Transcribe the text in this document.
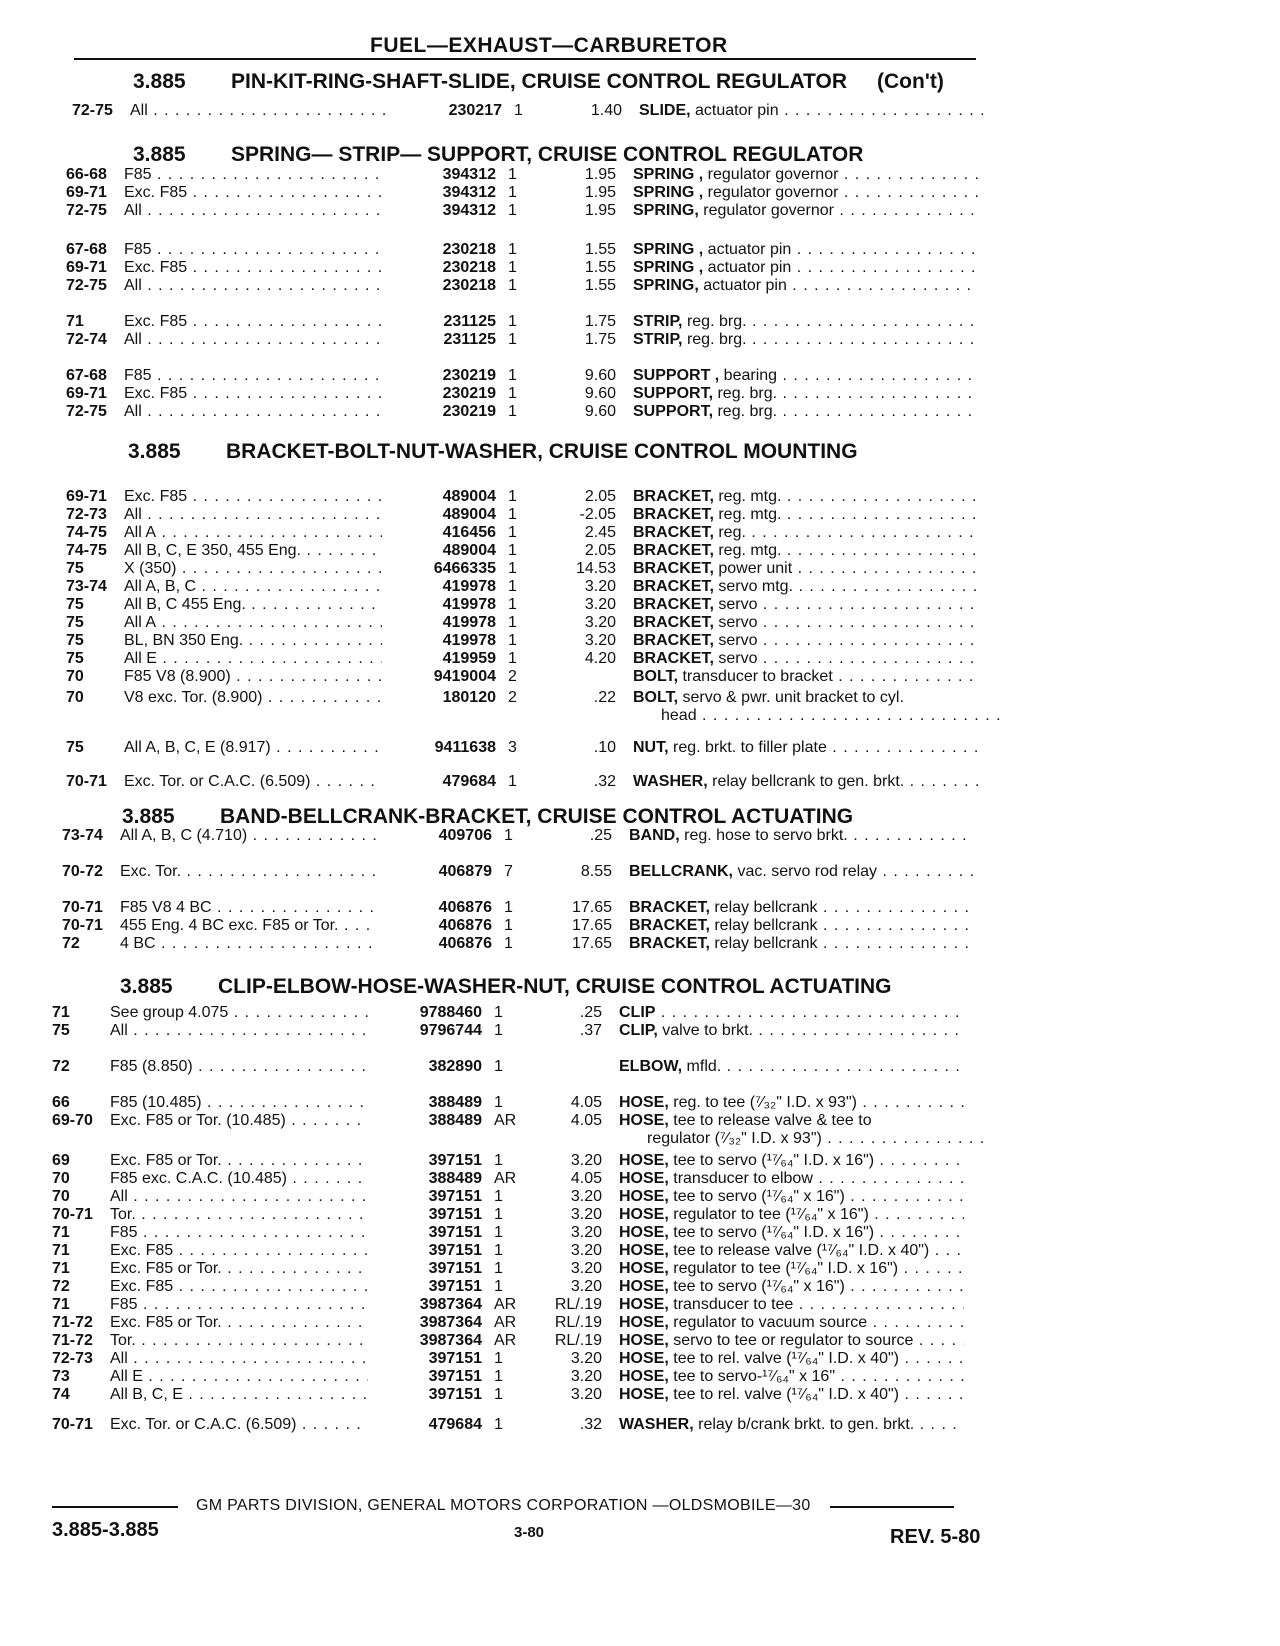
FUEL—EXHAUST—CARBURETOR
3.885 PIN-KIT-RING-SHAFT-SLIDE, CRUISE CONTROL REGULATOR (Con't)
72-75	All . . .	230217 1	1.40 SLIDE, actuator pin . . .
3.885 SPRING— STRIP— SUPPORT, CRUISE CONTROL REGULATOR
66-68	F85 . . .	394312 1	1.95 SPRING , regulator governor . . .
69-71	Exc. F85 . . .	394312 1	1.95 SPRING , regulator governor . . .
72-75	All . . .	394312 1	1.95 SPRING, regulator governor . . .
67-68	F85 . . .	230218 1	1.55 SPRING , actuator pin . . .
69-71	Exc. F85 . . .	230218 1	1.55 SPRING , actuator pin . . .
72-75	All . . .	230218 1	1.55 SPRING, actuator pin . . .
71	Exc. F85 . . .	231125 1	1.75 STRIP, reg. brg. . . .
72-74	All . . .	231125 1	1.75 STRIP, reg. brg. . . .
67-68	F85 . . .	230219 1	9.60 SUPPORT , bearing . . .
69-71	Exc. F85 . . .	230219 1	9.60 SUPPORT, reg. brg. . . .
72-75	All . . .	230219 1	9.60 SUPPORT, reg. brg. . . .
3.885 BRACKET-BOLT-NUT-WASHER, CRUISE CONTROL MOUNTING
69-71	Exc. F85 . . .	489004 1	2.05 BRACKET, reg. mtg. . . .
72-73	All . . .	489004 1	-2.05 BRACKET, reg. mtg. . . .
74-75	All A . . .	416456 1	2.45 BRACKET, reg. . . .
74-75	All B, C, E 350, 455 Eng. . . .	489004 1	2.05 BRACKET, reg. mtg. . . .
75	X (350) . . .	6466335 1	14.53 BRACKET, power unit . . .
73-74	All A, B, C . . .	419978 1	3.20 BRACKET, servo mtg. . . .
75	All B, C 455 Eng. . . .	419978 1	3.20 BRACKET, servo . . .
75	All A . . .	419978 1	3.20 BRACKET, servo . . .
75	BL, BN 350 Eng. . . .	419978 1	3.20 BRACKET, servo . . .
75	All E . . .	419959 1	4.20 BRACKET, servo . . .
70	F85 V8 (8.900) . . .	9419004 2	BOLT, transducer to bracket . . .
70	V8 exc. Tor. (8.900) . . .	180120 2	.22 BOLT, servo & pwr. unit bracket to cyl.
head . . .
75	All A, B, C, E (8.917) . . .	9411638 3	.10 NUT, reg. brkt. to filler plate . . .
70-71	Exc. Tor. or C.A.C. (6.509) . . .	479684 1	.32 WASHER, relay bellcrank to gen. brkt. . . .
3.885 BAND-BELLCRANK-BRACKET, CRUISE CONTROL ACTUATING
73-74	All A, B, C (4.710) . . .	409706 1	.25 BAND, reg. hose to servo brkt. . . .
70-72	Exc. Tor. . . .	406879 7	8.55 BELLCRANK, vac. servo rod relay . . .
70-71	F85 V8 4 BC . . .	406876 1	17.65 BRACKET, relay bellcrank . . .
70-71	455 Eng. 4 BC exc. F85 or Tor. . . .	406876 1	17.65 BRACKET, relay bellcrank . . .
72	4 BC . . .	406876 1	17.65 BRACKET, relay bellcrank . . .
3.885 CLIP-ELBOW-HOSE-WASHER-NUT, CRUISE CONTROL ACTUATING
71	See group 4.075 . . .	9788460 1	.25 CLIP . . .
75	All . . .	9796744 1	.37 CLIP, valve to brkt. . . .
72	F85 (8.850) . . .	382890 1	ELBOW, mfld. . . .
66	F85 (10.485) . . .	388489 1	4.05 HOSE, reg. to tee (⁷⁄₃₂" I.D. x 93") . . .
69-70	Exc. F85 or Tor. (10.485) . . .	388489 AR	4.05 HOSE, tee to release valve & tee to
regulator (⁷⁄₃₂" I.D. x 93") . . .
69	Exc. F85 or Tor. . . .	397151 1	3.20 HOSE, tee to servo (¹⁷⁄₆₄" I.D. x 16") . . .
70	F85 exc. C.A.C. (10.485) . . .	388489 AR	4.05 HOSE, transducer to elbow . . .
70	All . . .	397151 1	3.20 HOSE, tee to servo (¹⁷⁄₆₄" x 16") . . .
70-71	Tor. . . .	397151 1	3.20 HOSE, regulator to tee (¹⁷⁄₆₄" x 16") . . .
71	F85 . . .	397151 1	3.20 HOSE, tee to servo (¹⁷⁄₆₄" I.D. x 16") . . .
71	Exc. F85 . . .	397151 1	3.20 HOSE, tee to release valve (¹⁷⁄₆₄" I.D. x 40") . . .
71	Exc. F85 or Tor. . . .	397151 1	3.20 HOSE, regulator to tee (¹⁷⁄₆₄" I.D. x 16") . . .
72	Exc. F85 . . .	397151 1	3.20 HOSE, tee to servo (¹⁷⁄₆₄" x 16") . . .
71	F85 . . .	3987364 AR	RL/.19 HOSE, transducer to tee . . .
71-72	Exc. F85 or Tor. . . .	3987364 AR	RL/.19 HOSE, regulator to vacuum source . . .
71-72	Tor. . . .	3987364 AR	RL/.19 HOSE, servo to tee or regulator to source . . .
72-73	All . . .	397151 1	3.20 HOSE, tee to rel. valve (¹⁷⁄₆₄" I.D. x 40") . . .
73	All E . . .	397151 1	3.20 HOSE, tee to servo-¹⁷⁄₆₄" x 16" . . .
74	All B, C, E . . .	397151 1	3.20 HOSE, tee to rel. valve (¹⁷⁄₆₄" I.D. x 40") . . .
70-71	Exc. Tor. or C.A.C. (6.509) . . .	479684 1	.32 WASHER, relay b/crank brkt. to gen. brkt. . . .
3.885-3.885
GM PARTS DIVISION, GENERAL MOTORS CORPORATION —OLDSMOBILE—30
3-80	REV. 5-80
